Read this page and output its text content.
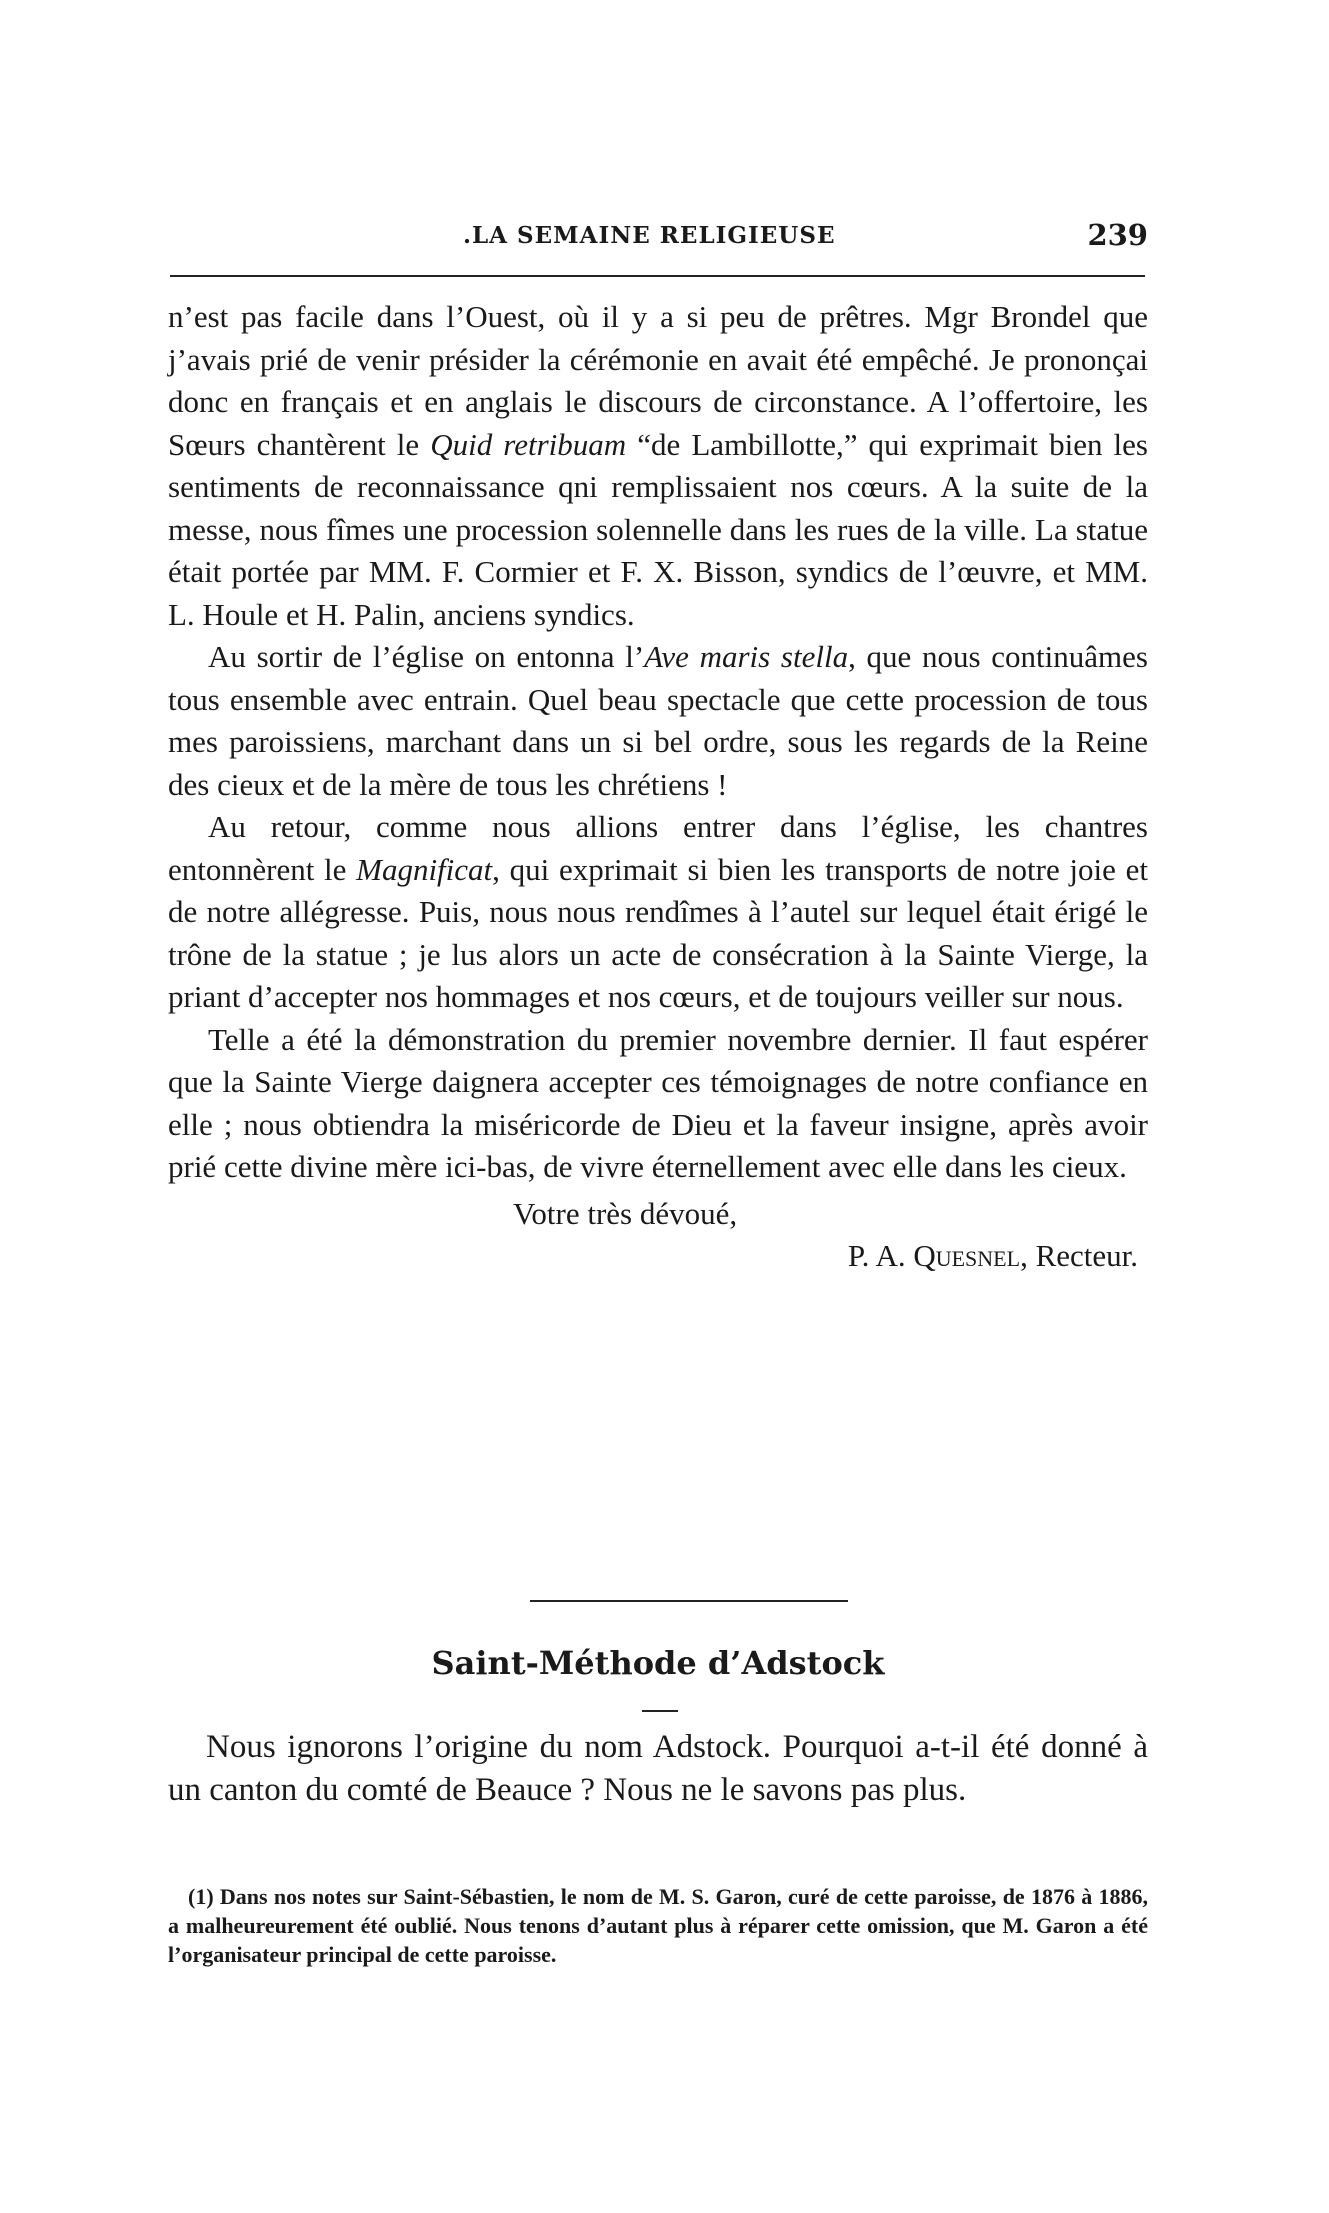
.LA SEMAINE RELIGIEUSE	239

n’est pas facile dans l’Ouest, où il y a si peu de prêtres. Mgr Brondel que j’avais prié de venir présider la cérémonie en avait été empêché. Je prononçai donc en français et en anglais le discours de circonstance. A l’offertoire, les Sœurs chantèrent le Quid retribuam “de Lambillotte,” qui exprimait bien les sentiments de reconnaissance qni remplissaient nos cœurs. A la suite de la messe, nous fîmes une procession solennelle dans les rues de la ville. La statue était portée par MM. F. Cormier et F. X. Bisson, syndics de l’œuvre, et MM. L. Houle et H. Palin, anciens syndics.

Au sortir de l’église on entonna l’Ave maris stella, que nous continuâmes tous ensemble avec entrain. Quel beau spectacle que cette procession de tous mes paroissiens, marchant dans un si bel ordre, sous les regards de la Reine des cieux et de la mère de tous les chrétiens !

Au retour, comme nous allions entrer dans l’église, les chantres entonnèrent le Magnificat, qui exprimait si bien les transports de notre joie et de notre allégresse. Puis, nous nous rendîmes à l’autel sur lequel était érigé le trône de la statue ; je lus alors un acte de consécration à la Sainte Vierge, la priant d’accepter nos hommages et nos cœurs, et de toujours veiller sur nous.

Telle a été la démonstration du premier novembre dernier. Il faut espérer que la Sainte Vierge daignera accepter ces témoignages de notre confiance en elle ; nous obtiendra la miséricorde de Dieu et la faveur insigne, après avoir prié cette divine mère ici-bas, de vivre éternellement avec elle dans les cieux.

Votre très dévoué,
P. A. Quesnel, Recteur.
Saint-Méthode d’Adstock

Nous ignorons l’origine du nom Adstock. Pourquoi a-t-il été donné à un canton du comté de Beauce ? Nous ne le savons pas plus.

(1) Dans nos notes sur Saint-Sébastien, le nom de M. S. Garon, curé de cette paroisse, de 1876 à 1886, a malheureurement été oublié. Nous tenons d’autant plus à réparer cette omission, que M. Garon a été l’organisateur principal de cette paroisse.
